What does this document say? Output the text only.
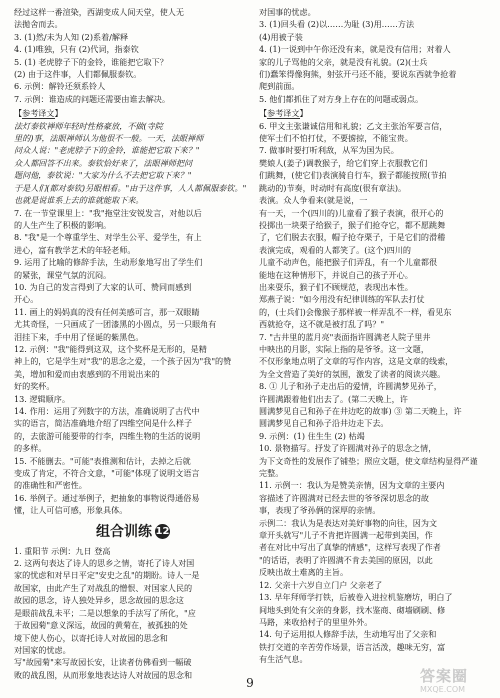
经过这样一番渲染，西湖变成人间天堂，使人无
法拋舍而去。
3. (1)然/未为人知 (2)系着/解释
4. (1)唯独，只有 (2)代词，指泰钦
5. (1) 老虎脖子下的金铃，谁能把它取下？
(2) 由于这件事，人们都佩服泰钦。
6. 示例：解铃还须系铃人
7. 示例：谁造成的问题还需要由谁去解决。
【参考译文】
法灯泰钦禅师年轻时性格豪放，不做(寺院
里的)事，法眼禅师认为他很不一般。一天，法眼禅师
问众人说："老虎脖子下的金铃，谁能把它取下来？"
众人都回答不出来。泰钦恰好来了，法眼禅师把问
题问他，泰钦说："大家为什么不去把它取下来？"
于是人们(都对泰钦)另眼相看。"由于这件事，人人都佩服泰钦。"
也就是说谁系上去的谁就能取下来。
7. 在一节堂课里上："我"拖堂注安锐发言，对他以后
的人生产生了积极的影响。
8. "我"是一个尊重学生、对学生公平、爱学生，有上
进心，富有教学艺术的年轻老师。
9. 运用了比喻的修辞手法，生动形象地写出了学生们
的紧张，课堂气氛的沉闷。
10. 为自己的发言得到了大家的认可、赞同而感到
开心。
11. 画上的妈妈真的没有任何美感可言，那一双眼睛
尤其奇怪，一只画成了一团漆黑的小圆点，另一只眼角有
泪挂下来，手中用了怪诞的紫黑色。
12. 示例："我"能得到这双，这个奖杯是无形的，是精
神上的，它是学生对"我"的思念之爱，一个孩子因为"我"的赞
美，增加和爱而由衷感到的不用说出来的
好的奖杯。
13. 逻辑顺序。
14. 作用：运用了列数字的方法，准确说明了古代中
实的语言，简洁准确地介绍了四维空间是什么样子
的，去旅游可能要带的行李，四维生物的生活的说明
的多样。
15. 不能删去。"可能"表推测和估计，去掉之后就
变成了肯定，不符合文意，"可能"体现了说明文语言
的准确性和严密性。
16. 举例子。通过举例子，把抽象的事物说得通俗易
懂，让人可信可感，形象具体。
组合训练 12
1. 重阳节 示例：九日 登高
2. 这两句表达了诗人的思乡之情，寄托了诗人对国
家的忧虑和对早日平定"安史之乱"的期盼。诗人一是
故国家，由此产生了对战乱的憎恨、对国家人民的
故园的思念，诗人独处异乡，思念故园的思念这
是眼前战乱未平；二是以想象的手法写了所化，"应
于故园菊"意义深远，故园的黄菊在，被孤独的处
境下使人伤心，以寄托诗人对故园的思念和
对国家的忧虑。
写"故园菊"来写故园长安，让读者仿佛看到一幅破
败的战乱图，从而形象地表达诗人对故园的思念和
对国事的忧虑。
3. (1)回头看 (2)以……为耻 (3)用……方法
(4)用被子装
4. (1)一说到中午你还没有来，就是没有信用；对着人
家的儿子骂他的父亲，就是没有礼貌。(2)(士兵
们)蠢笨得像狗熊，射弦开弓还不能，要说东西就争抢着
爬到前面。
5. 他们都抓住了对方身上存在的问题或弱点。
【参考译文】
6. 甲文主张谦诚信用和礼貌；乙文主张治军要言信，
使军士们不怕打仗，不要掳掠，不能宝贵。
7. 做事时要打听利敌，从军为国为民。
樊娘人(姜子)调教猴子，给它们穿上衣服教它们
们跳舞，(使它们)表演骑自行车，猴子都能按照(节拍
跳动的)节奏，时动时有高度(很有章法)。
表演。众人争看来(就是说，一
有一天，一个(四川的)儿童看了猴子表演，很开心的
投掷出一块栗子给猴子，猴子们抢夺它，都不愿跳舞
了，它们脱去衣服，帽子抢夺栗子，于是它们的滑稽
表演完成，观看的人都笑了。(这个)四川的
儿童不动声色，能把猴子们弄乱，有一个儿童都很
能地在这种情形下，并说自己的孩子开心。
出来耍乐，猴子们不顾规范，表现出本性。
郑燕子说："如今用没有纪律训练的军队去打仗
的，(士兵们)会像猴子那样被一样弄乱不一样，看见东
西就抢夺，这不就是被打乱了吗？"
7. "古井里的蓝月亮"表面指许圆满老人院子里井
中映出的月影，实际上指的是爷爷。这一文题，
不仅形象地点明了文章的写作内容，这是文章的线索，
为全文营造了美好的氛围，激发了读者的阅读兴趣。
8. ① 儿子和孙子走出后的爱情，许圆满梦见孙子，
许圆满跟着他们出去了。(第二天晚上，许
圆满梦见自己和孙子在井边吃的故事) ③ 第二天晚上，许
圆满梦见自己和孙子沿井边走下去。
9. 示例：(1) 住生生 (2) 枯竭
10. 景物描写。抒发了许圆满对孙子的思念之情，
为下文奇性的发展作了铺垫；照应文题，使文章结构显得严谨
完整。
11. 示例一：我认为是赞美亲情，因为文章的主要内
容描述了许圆满对已经去世的爷爷深切思念的故
事，表现了爷孙俩的深厚的亲情。
示例二：我认为是表达对美好事物的向往，因为文
章开头就写"儿子不肯把许圆满一起带到美国，作
者在对比中写出了真挚的情感"，这样写表现了作者
"的话语，表明了许圆满不肯去美国的原因，以此
反映出故土难离的主旨。
12. 父亲十六岁自立门户 父亲老了
13. 早年拜师学打铁，后被卷入进拉机鉴磨坊，明白了
间地头到处有父亲的身影，找木鉴商、砌墙刷刷、修
马路，来收拾村子的里里外外。
14. 句子运用拟人修辞手法，生动地写出了父亲和
铁打交道的辛苦劳作场景，语言活泼，趣味无穷，富
有生活气息。
9	答案圈
MXQE.COM
